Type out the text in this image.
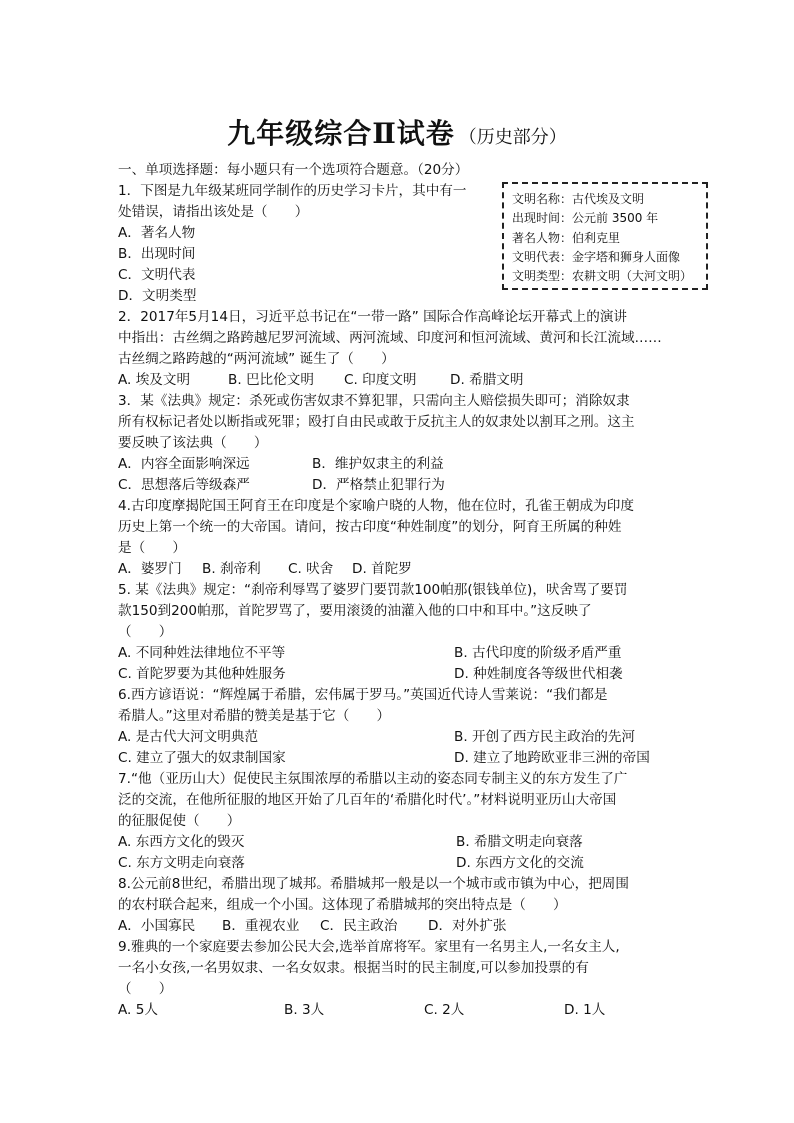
九年级综合Ⅱ试卷 （历史部分）
文明名称：古代埃及文明
出现时间：公元前 3500 年
著名人物：伯利克里
文明代表：金字塔和狮身人面像
文明类型：农耕文明（大河文明）
一、单项选择题：每小题只有一个选项符合题意。（20分）
1．下图是九年级某班同学制作的历史学习卡片，其中有一
处错误，请指出该处是（　　）
A．著名人物
B．出现时间
C．文明代表
D．文明类型
2．2017年5月14日，习近平总书记在“一带一路” 国际合作高峰论坛开幕式上的演讲
中指出：古丝绸之路跨越尼罗河流域、两河流域、印度河和恒河流域、黄河和长江流域……
古丝绸之路跨越的“两河流域” 诞生了（　　）
A. 埃及文明	B. 巴比伦文明	C. 印度文明	D. 希腊文明
3．某《法典》规定：杀死或伤害奴隶不算犯罪，只需向主人赔偿损失即可；消除奴隶
所有权标记者处以断指或死罪；殴打自由民或敢于反抗主人的奴隶处以割耳之刑。这主
要反映了该法典（　　）
A．内容全面影响深远	B．维护奴隶主的利益
C．思想落后等级森严	D．严格禁止犯罪行为
4.古印度摩揭陀国王阿育王在印度是个家喻户晓的人物，他在位时，孔雀王朝成为印度
历史上第一个统一的大帝国。请问，按古印度“种姓制度”的划分，阿育王所属的种姓
是（　　）
A．婆罗门	B. 刹帝利	C. 吠舍	D. 首陀罗
5. 某《法典》规定：“刹帝利辱骂了婆罗门要罚款100帕那(银钱单位)，吠舍骂了要罚
款150到200帕那，首陀罗骂了，要用滚烫的油灌入他的口中和耳中。”这反映了
（　　）
A. 不同种姓法律地位不平等	B. 古代印度的阶级矛盾严重
C. 首陀罗要为其他种姓服务	D. 种姓制度各等级世代相袭
6.西方谚语说：“辉煌属于希腊，宏伟属于罗马。”英国近代诗人雪莱说：“我们都是
希腊人。”这里对希腊的赞美是基于它（　　）
A. 是古代大河文明典范	B. 开创了西方民主政治的先河
C. 建立了强大的奴隶制国家	D. 建立了地跨欧亚非三洲的帝国
7.“他（亚历山大）促使民主氛围浓厚的希腊以主动的姿态同专制主义的东方发生了广
泛的交流，在他所征服的地区开始了几百年的‘希腊化时代’。”材料说明亚历山大帝国
的征服促使（　　）
A. 东西方文化的毁灭	B. 希腊文明走向衰落
C. 东方文明走向衰落	D. 东西方文化的交流
8.公元前8世纪，希腊出现了城邦。希腊城邦一般是以一个城市或市镇为中心，把周围
的农村联合起来，组成一个小国。这体现了希腊城邦的突出特点是（　　）
A．小国寡民	B．重视农业	C．民主政治	D．对外扩张
9.雅典的一个家庭要去参加公民大会,选举首席将军。家里有一名男主人,一名女主人,
一名小女孩,一名男奴隶、一名女奴隶。根据当时的民主制度,可以参加投票的有
（　　）
A. 5人	B. 3人	C. 2人	D. 1人
